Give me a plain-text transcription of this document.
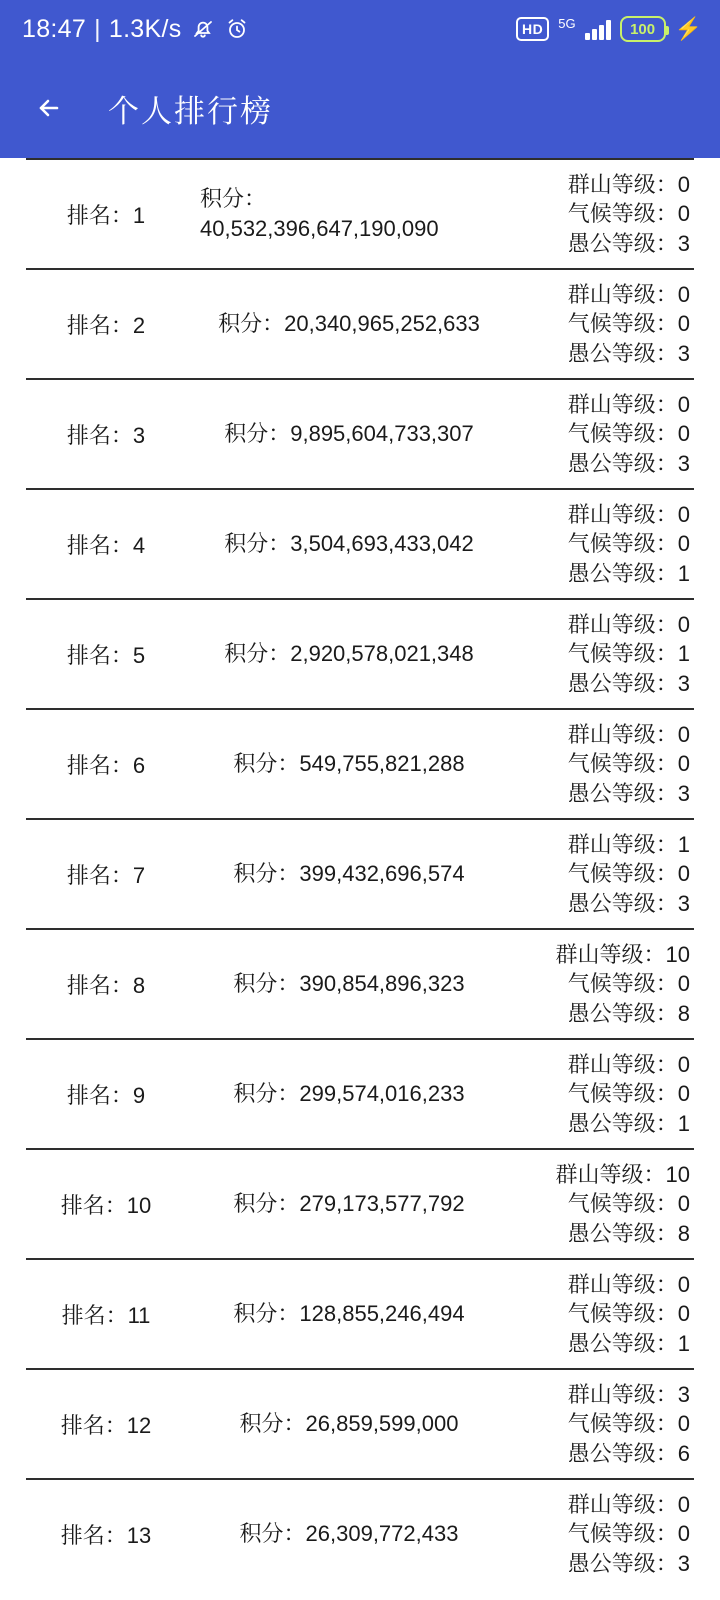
18:47 | 1.3K/s	HD	5G	100 ⚡
个人排行榜
排名：1
积分：
40,532,396,647,190,090
群山等级：0
气候等级：0
愚公等级：3
排名：2	积分：20,340,965,252,633
群山等级：0
气候等级：0
愚公等级：3
排名：3	积分：9,895,604,733,307
群山等级：0
气候等级：0
愚公等级：3
排名：4	积分：3,504,693,433,042
群山等级：0
气候等级：0
愚公等级：1
排名：5	积分：2,920,578,021,348
群山等级：0
气候等级：1
愚公等级：3
排名：6	积分：549,755,821,288
群山等级：0
气候等级：0
愚公等级：3
排名：7	积分：399,432,696,574
群山等级：1
气候等级：0
愚公等级：3
排名：8	积分：390,854,896,323
群山等级：10
气候等级：0
愚公等级：8
排名：9	积分：299,574,016,233
群山等级：0
气候等级：0
愚公等级：1
排名：10	积分：279,173,577,792
群山等级：10
气候等级：0
愚公等级：8
排名：11	积分：128,855,246,494
群山等级：0
气候等级：0
愚公等级：1
排名：12	积分：26,859,599,000
群山等级：3
气候等级：0
愚公等级：6
排名：13	积分：26,309,772,433
群山等级：0
气候等级：0
愚公等级：3
